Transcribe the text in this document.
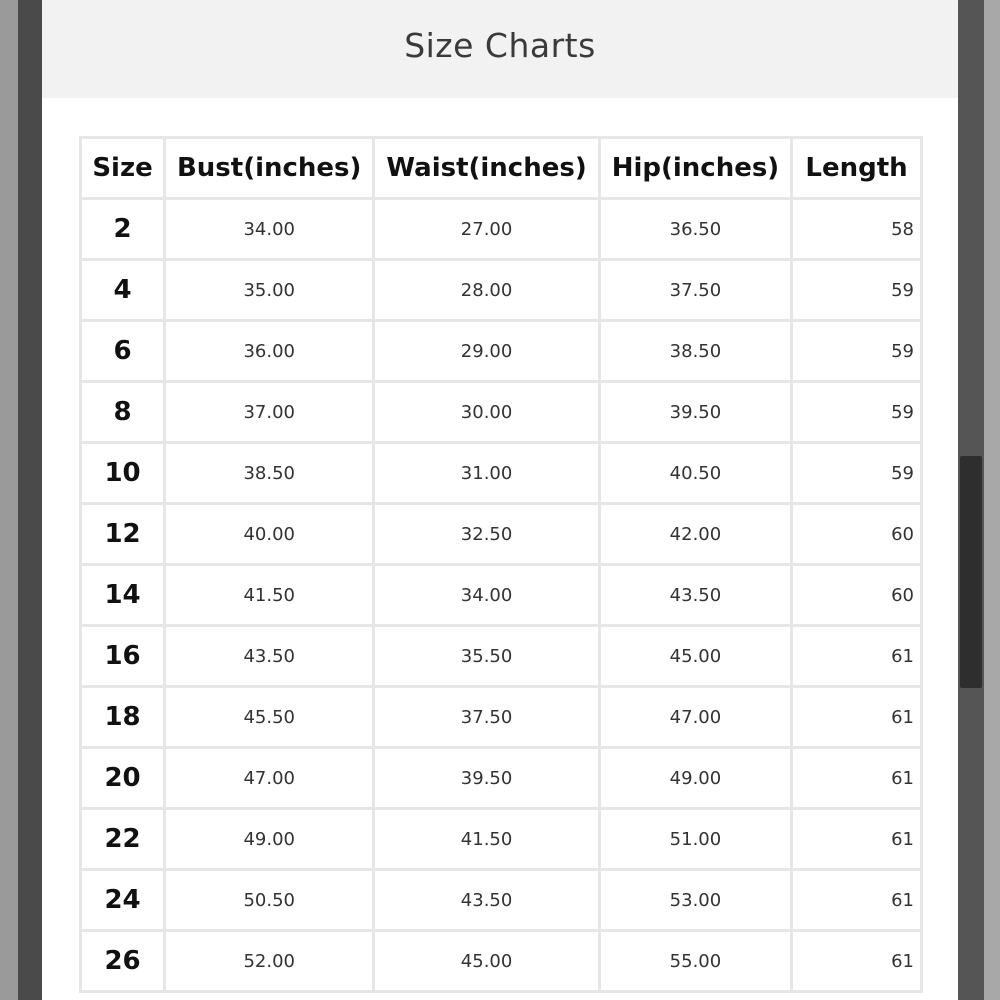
Size Charts
Size	Bust(inches)	Waist(inches)	Hip(inches)	Length
2	34.00	27.00	36.50	58
4	35.00	28.00	37.50	59
6	36.00	29.00	38.50	59
8	37.00	30.00	39.50	59
10	38.50	31.00	40.50	59
12	40.00	32.50	42.00	60
14	41.50	34.00	43.50	60
16	43.50	35.50	45.00	61
18	45.50	37.50	47.00	61
20	47.00	39.50	49.00	61
22	49.00	41.50	51.00	61
24	50.50	43.50	53.00	61
26	52.00	45.00	55.00	61
